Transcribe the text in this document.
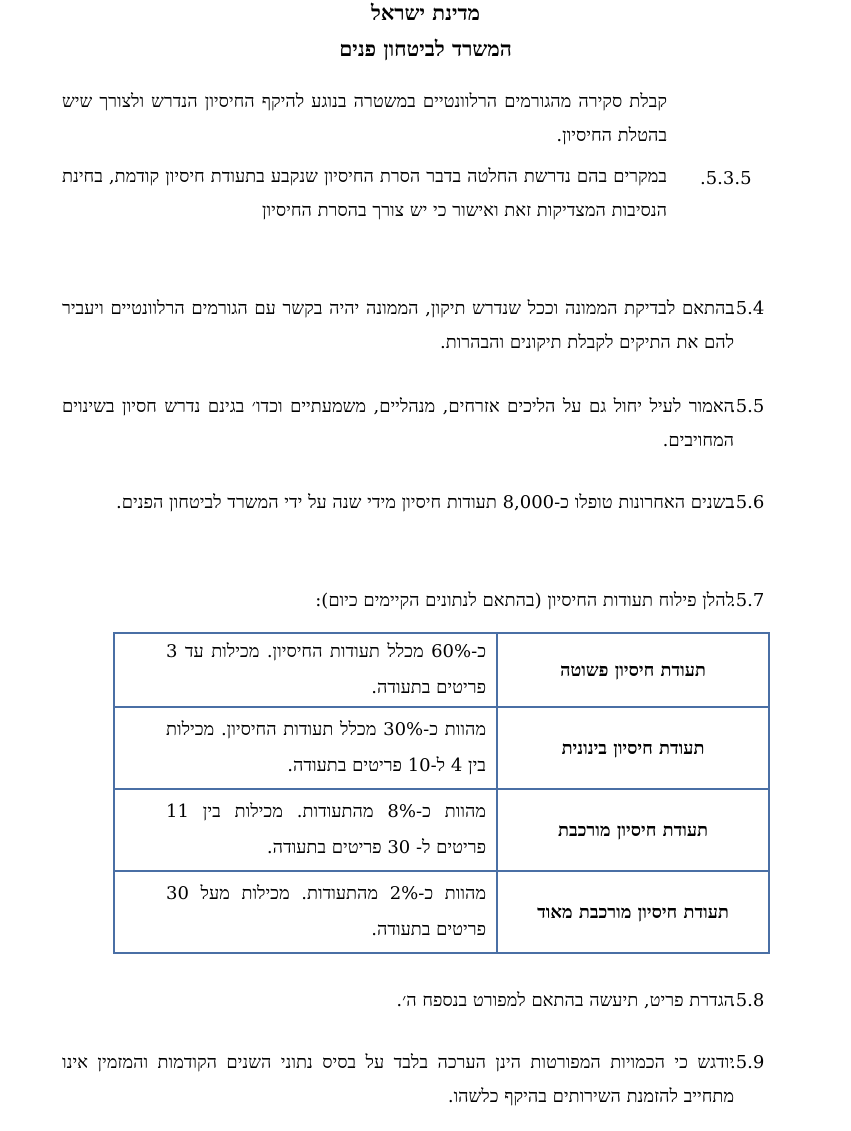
מדינת ישראל
המשרד לביטחון פנים
קבלת סקירה מהגורמים הרלוונטיים במשטרה בנוגע להיקף החיסיון הנדרש ולצורך שיש בהטלת החיסיון.
.5.3.5
במקרים בהם נדרשת החלטה בדבר הסרת החיסיון שנקבע בתעודת חיסיון קודמת, בחינת הנסיבות המצדיקות זאת ואישור כי יש צורך בהסרת החיסיון
.5.4
בהתאם לבדיקת הממונה וככל שנדרש תיקון, הממונה יהיה בקשר עם הגורמים הרלוונטיים ויעביר להם את התיקים לקבלת תיקונים והבהרות.
.5.5
האמור לעיל יחול גם על הליכים אזרחים, מנהליים, משמעתיים וכדו׳ בגינם נדרש חסיון בשינוים המחויבים.
.5.6
בשנים האחרונות טופלו כ-8,000 תעודות חיסיון מידי שנה על ידי המשרד לביטחון הפנים.
.5.7
להלן פילוח תעודות החיסיון (בהתאם לנתונים הקיימים כיום):
תעודת חיסיון פשוטה	כ-60% מכלל תעודות החיסיון. מכילות עד 3 פריטים בתעודה.

תעודת חיסיון בינונית	מהוות כ-30% מכלל תעודות החיסיון. מכילות בין 4 ל-10 פריטים בתעודה.

תעודת חיסיון מורכבת	מהוות כ-8% מהתעודות. מכילות בין 11 פריטים ל- 30 פריטים בתעודה.

תעודת חיסיון מורכבת מאוד	מהוות כ-2% מהתעודות. מכילות מעל 30 פריטים בתעודה.
.5.8
הגדרת פריט, תיעשה בהתאם למפורט בנספח ה׳.
.5.9
יודגש כי הכמויות המפורטות הינן הערכה בלבד על בסיס נתוני השנים הקודמות והמזמין אינו מתחייב להזמנת השירותים בהיקף כלשהו.
